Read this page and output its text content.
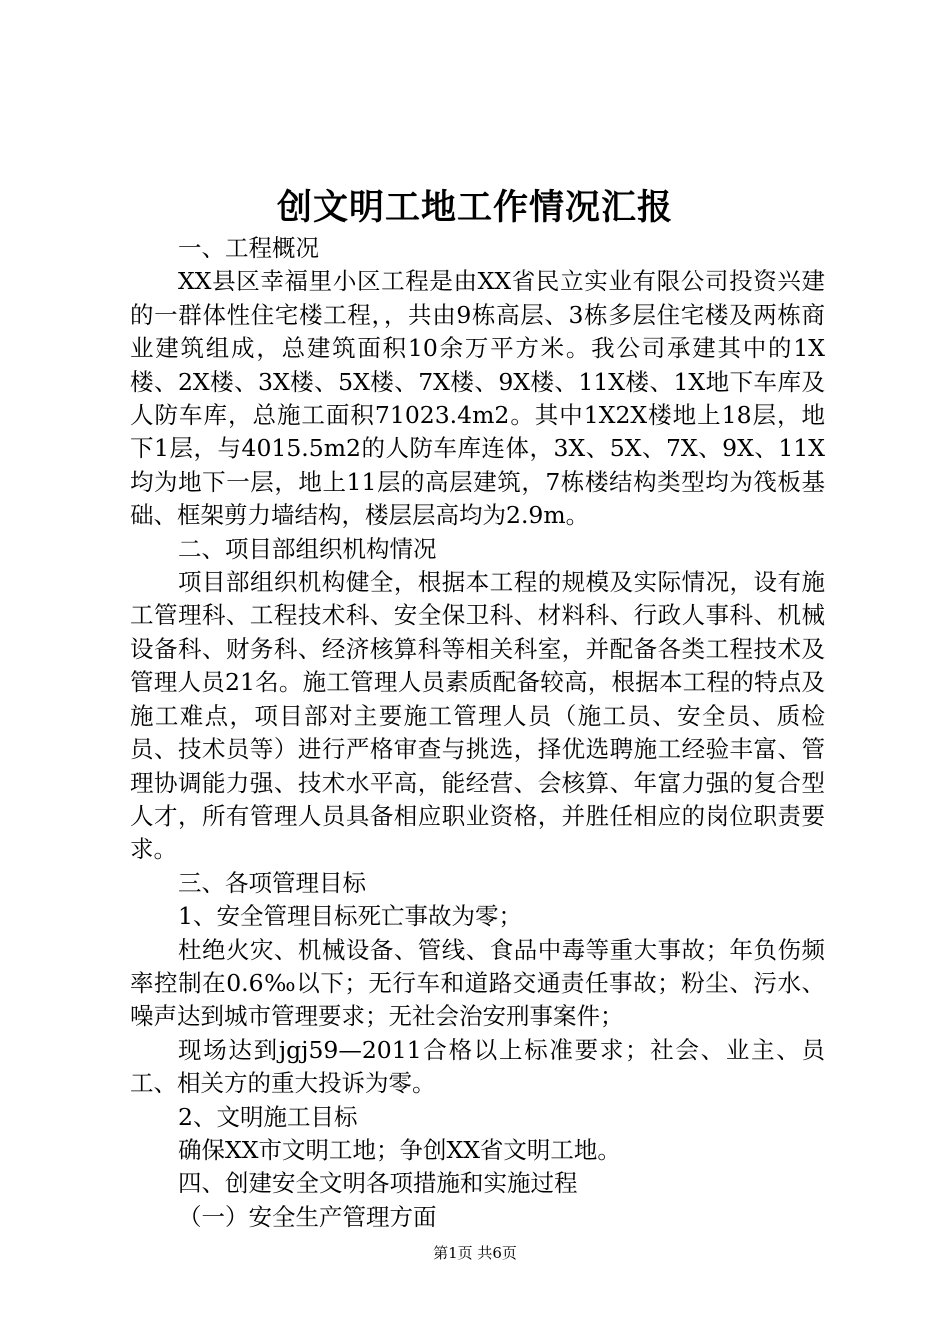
创文明工地工作情况汇报

一、工程概况

XX县区幸福里小区工程是由XX省民立实业有限公司投资兴建的一群体性住宅楼工程，，共由9栋高层、3栋多层住宅楼及两栋商业建筑组成，总建筑面积10余万平方米。我公司承建其中的1X楼、2X楼、3X楼、5X楼、7X楼、9X楼、11X楼、1X地下车库及人防车库，总施工面积71023.4m2。其中1X2X楼地上18层，地下1层，与4015.5m2的人防车库连体，3X、5X、7X、9X、11X均为地下一层，地上11层的高层建筑，7栋楼结构类型均为筏板基础、框架剪力墙结构，楼层层高均为2.9m。

二、项目部组织机构情况

项目部组织机构健全，根据本工程的规模及实际情况，设有施工管理科、工程技术科、安全保卫科、材料科、行政人事科、机械设备科、财务科、经济核算科等相关科室，并配备各类工程技术及管理人员21名。施工管理人员素质配备较高，根据本工程的特点及施工难点，项目部对主要施工管理人员（施工员、安全员、质检员、技术员等）进行严格审查与挑选，择优选聘施工经验丰富、管理协调能力强、技术水平高，能经营、会核算、年富力强的复合型人才，所有管理人员具备相应职业资格，并胜任相应的岗位职责要求。

三、各项管理目标

1、安全管理目标死亡事故为零；

杜绝火灾、机械设备、管线、食品中毒等重大事故；年负伤频率控制在0.6‰以下；无行车和道路交通责任事故；粉尘、污水、噪声达到城市管理要求；无社会治安刑事案件；

现场达到jgj59—2011合格以上标准要求；社会、业主、员工、相关方的重大投诉为零。

2、文明施工目标

确保XX市文明工地；争创XX省文明工地。

四、创建安全文明各项措施和实施过程

（一）安全生产管理方面

第1页 共6页
